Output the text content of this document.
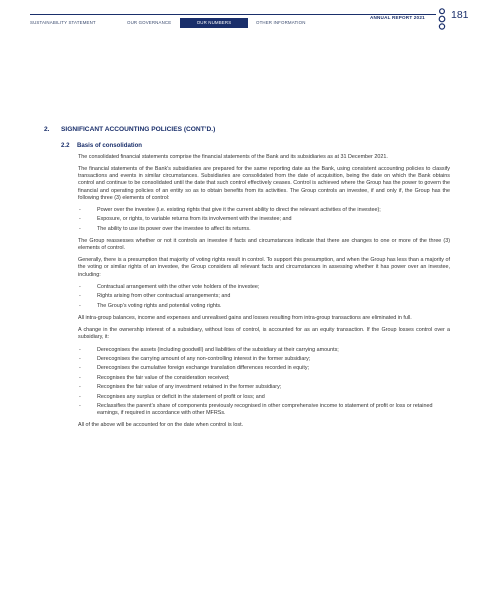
ANNUAL REPORT 2021 181
SUSTAINABILITY STATEMENT	OUR GOVERNANCE	OUR NUMBERS	OTHER INFORMATION
2. SIGNIFICANT ACCOUNTING POLICIES (CONT’D.)
2.2 Basis of consolidation

The consolidated financial statements comprise the financial statements of the Bank and its subsidiaries as at 31 December 2021.

The financial statements of the Bank’s subsidiaries are prepared for the same reporting date as the Bank, using consistent accounting policies to classify transactions and events in similar circumstances. Subsidiaries are consolidated from the date of acquisition, being the date on which the Bank obtains control and continue to be consolidated until the date that such control effectively ceases. Control is achieved where the Group has the power to govern the financial and operating policies of an entity so as to obtain benefits from its activities. The Group controls an investee, if and only if, the Group has the following three (3) elements of control:

- Power over the investee (i.e. existing rights that give it the current ability to direct the relevant activities of the investee);
- Exposure, or rights, to variable returns from its involvement with the investee; and
- The ability to use its power over the investee to affect its returns.

The Group reassesses whether or not it controls an investee if facts and circumstances indicate that there are changes to one or more of the three (3) elements of control.

Generally, there is a presumption that majority of voting rights result in control. To support this presumption, and when the Group has less than a majority of the voting or similar rights of an investee, the Group considers all relevant facts and circumstances in assessing whether it has power over an investee, including:

- Contractual arrangement with the other vote holders of the investee;
- Rights arising from other contractual arrangements; and
- The Group’s voting rights and potential voting rights.

All intra-group balances, income and expenses and unrealised gains and losses resulting from intra-group transactions are eliminated in full.

A change in the ownership interest of a subsidiary, without loss of control, is accounted for as an equity transaction. If the Group losses control over a subsidiary, it:

- Derecognises the assets (including goodwill) and liabilities of the subsidiary at their carrying amounts;
- Derecognises the carrying amount of any non-controlling interest in the former subsidiary;
- Derecognises the cumulative foreign exchange translation differences recorded in equity;
- Recognises the fair value of the consideration received;
- Recognises the fair value of any investment retained in the former subsidiary;
- Recognises any surplus or deficit in the statement of profit or loss; and
- Reclassifies the parent’s share of components previously recognised in other comprehensive income to statement of profit or loss or retained earnings, if required in accordance with other MFRSs.

All of the above will be accounted for on the date when control is lost.
